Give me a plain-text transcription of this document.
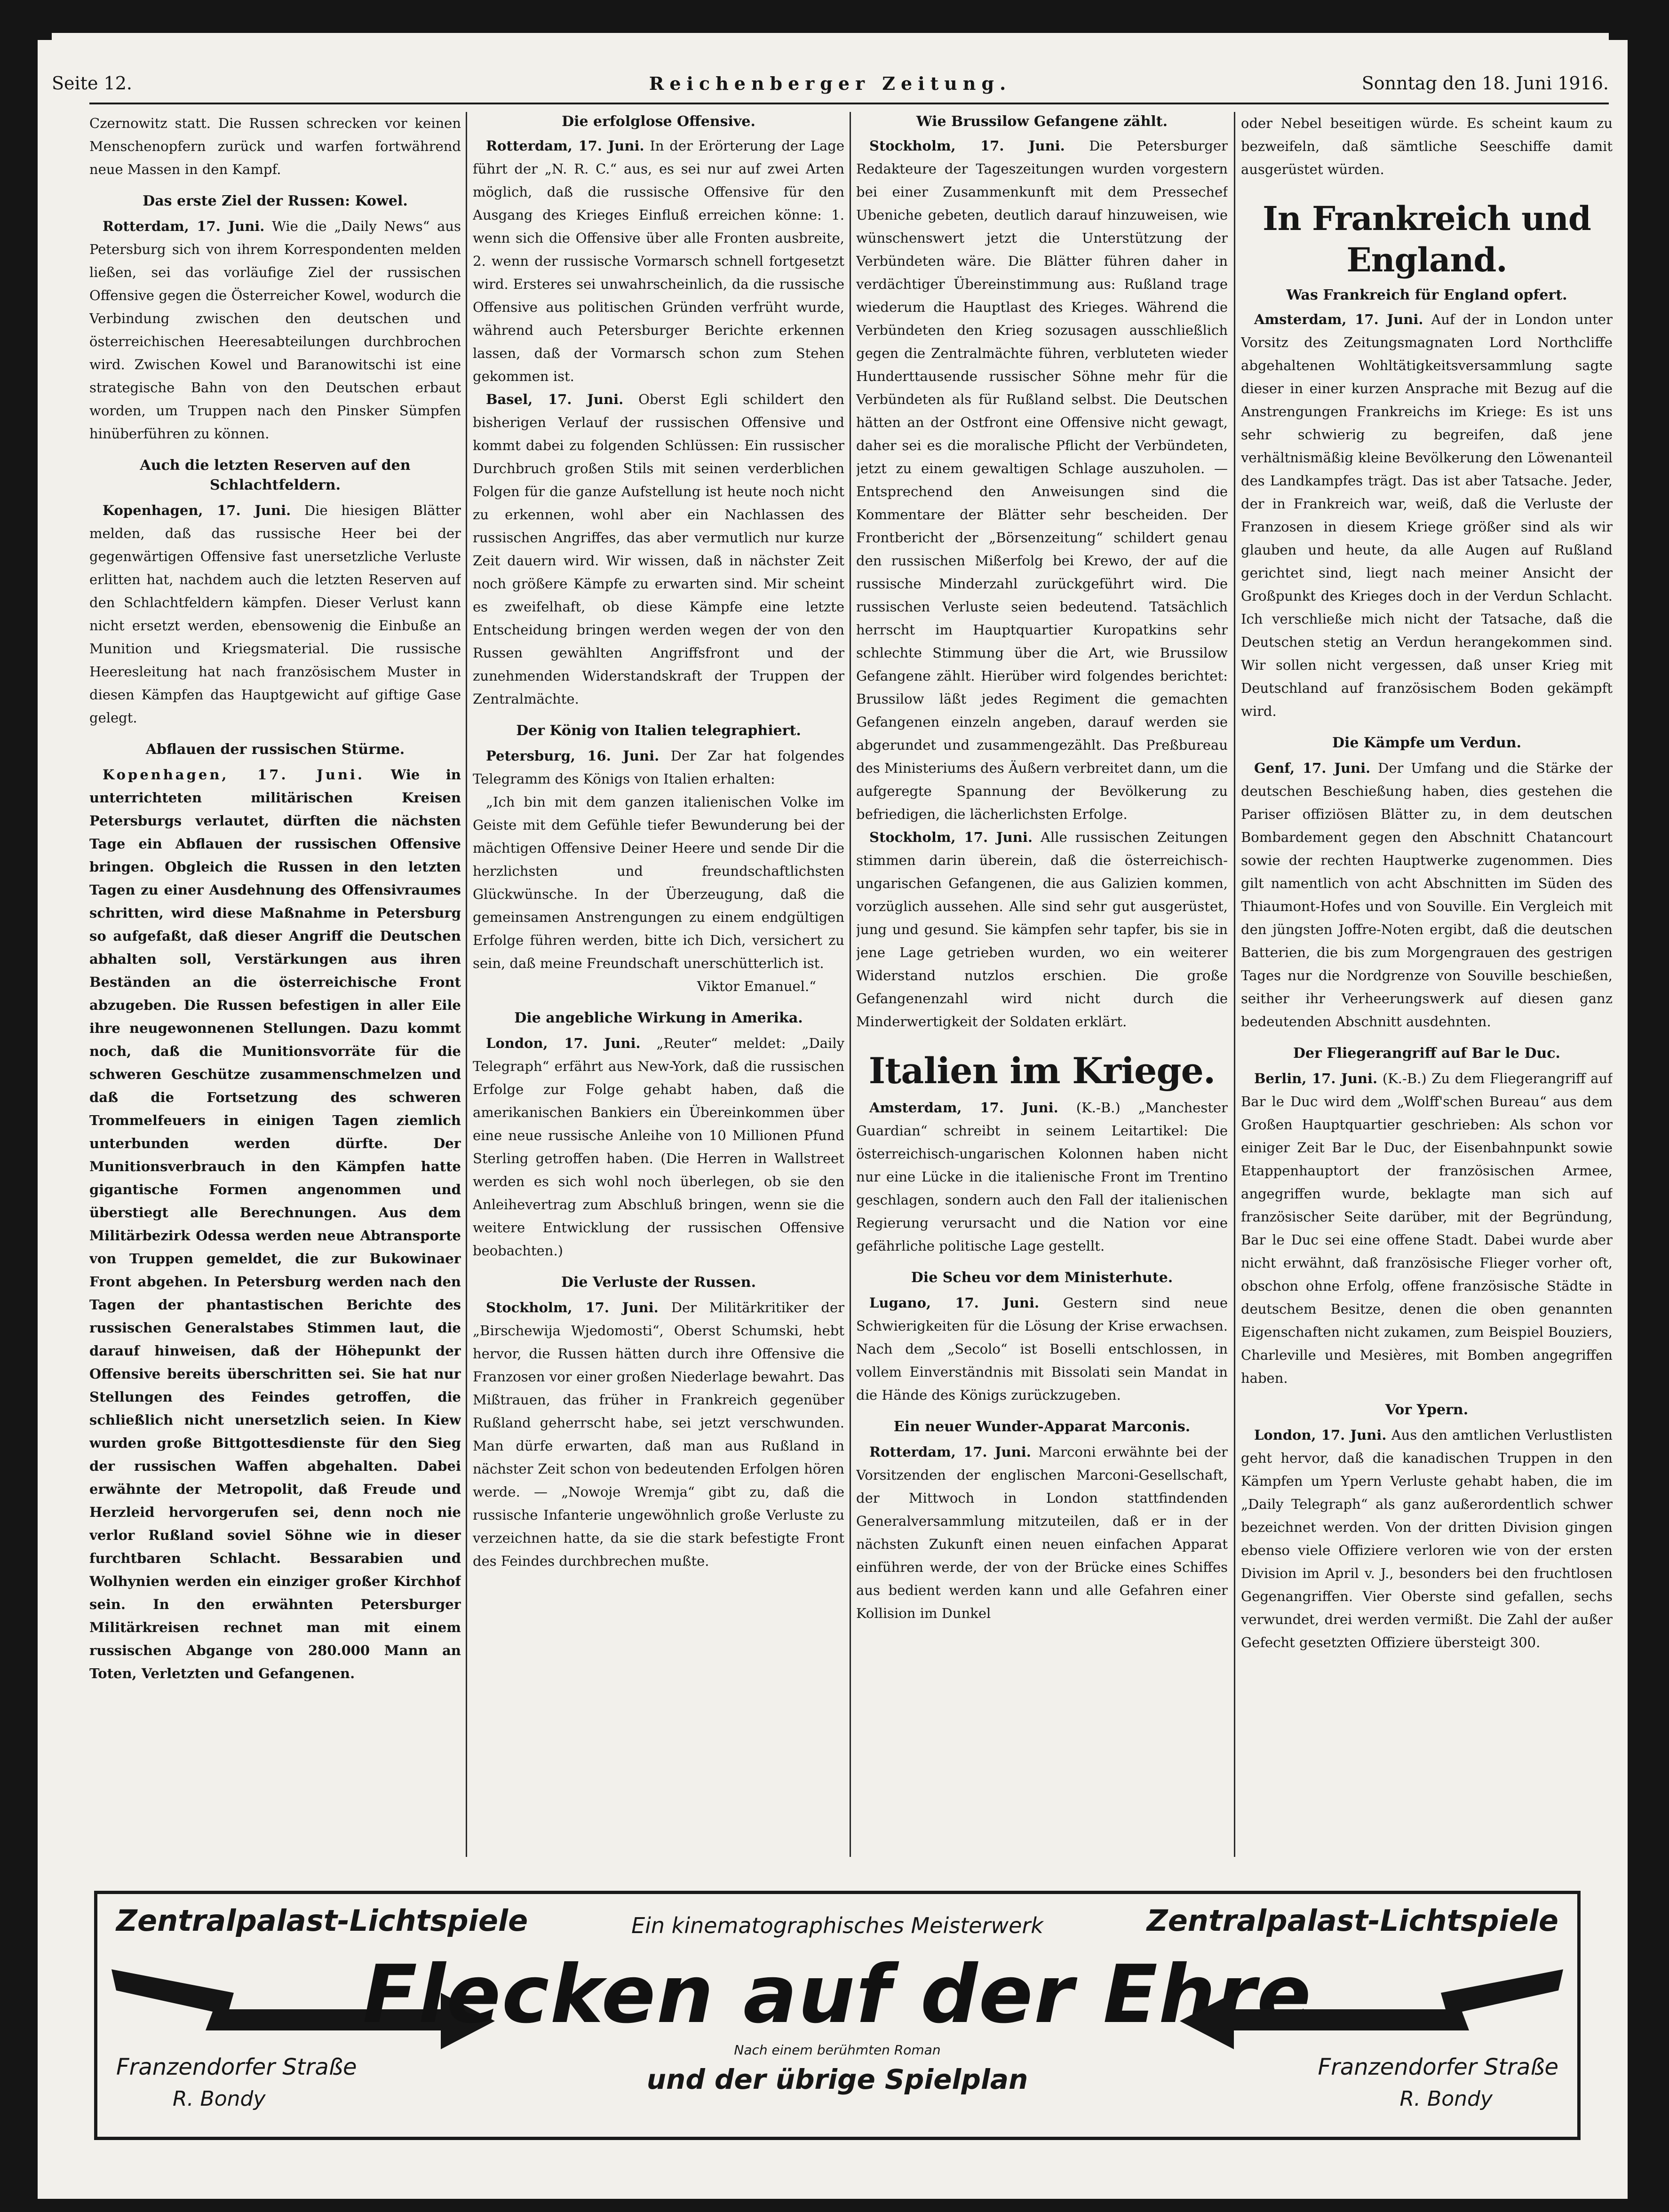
Seite 12.	Reichenberger Zeitung.	Sonntag den 18. Juni 1916.

Czernowitz statt. Die Russen schrecken vor keinen Menschenopfern zurück und warfen fortwährend neue Massen in den Kampf.

Das erste Ziel der Russen: Kowel.

Rotterdam, 17. Juni. Wie die „Daily News“ aus Petersburg sich von ihrem Korrespondenten melden ließen, sei das vorläufige Ziel der russischen Offensive gegen die Österreicher Kowel, wodurch die Verbindung zwischen den deutschen und österreichischen Heeresabteilungen durchbrochen wird. Zwischen Kowel und Baranowitschi ist eine strategische Bahn von den Deutschen erbaut worden, um Truppen nach den Pinsker Sümpfen hinüberführen zu können.

Auch die letzten Reserven auf den Schlachtfeldern.

Kopenhagen, 17. Juni. Die hiesigen Blätter melden, daß das russische Heer bei der gegenwärtigen Offensive fast unersetzliche Verluste erlitten hat, nachdem auch die letzten Reserven auf den Schlachtfeldern kämpfen. Dieser Verlust kann nicht ersetzt werden, ebensowenig die Einbuße an Munition und Kriegsmaterial. Die russische Heeresleitung hat nach französischem Muster in diesen Kämpfen das Hauptgewicht auf giftige Gase gelegt.

Abflauen der russischen Stürme.

Kopenhagen, 17. Juni. Wie in unterrichteten militärischen Kreisen Petersburgs verlautet, dürften die nächsten Tage ein Abflauen der russischen Offensive bringen. Obgleich die Russen in den letzten Tagen zu einer Ausdehnung des Offensivraumes schritten, wird diese Maßnahme in Petersburg so aufgefaßt, daß dieser Angriff die Deutschen abhalten soll, Verstärkungen aus ihren Beständen an die österreichische Front abzugeben. Die Russen befestigen in aller Eile ihre neugewonnenen Stellungen. Dazu kommt noch, daß die Munitionsvorräte für die schweren Geschütze zusammenschmelzen und daß die Fortsetzung des schweren Trommelfeuers in einigen Tagen ziemlich unterbunden werden dürfte. Der Munitionsverbrauch in den Kämpfen hatte gigantische Formen angenommen und überstiegt alle Berechnungen. Aus dem Militärbezirk Odessa werden neue Abtransporte von Truppen gemeldet, die zur Bukowinaer Front abgehen. In Petersburg werden nach den Tagen der phantastischen Berichte des russischen Generalstabes Stimmen laut, die darauf hinweisen, daß der Höhepunkt der Offensive bereits überschritten sei. Sie hat nur Stellungen des Feindes getroffen, die schließlich nicht unersetzlich seien. In Kiew wurden große Bittgottesdienste für den Sieg der russischen Waffen abgehalten. Dabei erwähnte der Metropolit, daß Freude und Herzleid hervorgerufen sei, denn noch nie verlor Rußland soviel Söhne wie in dieser furchtbaren Schlacht. Bessarabien und Wolhynien werden ein einziger großer Kirchhof sein. In den erwähnten Petersburger Militärkreisen rechnet man mit einem russischen Abgange von 280.000 Mann an Toten, Verletzten und Gefangenen.

Die erfolglose Offensive.

Rotterdam, 17. Juni. In der Erörterung der Lage führt der „N. R. C.“ aus, es sei nur auf zwei Arten möglich, daß die russische Offensive für den Ausgang des Krieges Einfluß erreichen könne: 1. wenn sich die Offensive über alle Fronten ausbreite, 2. wenn der russische Vormarsch schnell fortgesetzt wird. Ersteres sei unwahrscheinlich, da die russische Offensive aus politischen Gründen verfrüht wurde, während auch Petersburger Berichte erkennen lassen, daß der Vormarsch schon zum Stehen gekommen ist.

Basel, 17. Juni. Oberst Egli schildert den bisherigen Verlauf der russischen Offensive und kommt dabei zu folgenden Schlüssen: Ein russischer Durchbruch großen Stils mit seinen verderblichen Folgen für die ganze Aufstellung ist heute noch nicht zu erkennen, wohl aber ein Nachlassen des russischen Angriffes, das aber vermutlich nur kurze Zeit dauern wird. Wir wissen, daß in nächster Zeit noch größere Kämpfe zu erwarten sind. Mir scheint es zweifelhaft, ob diese Kämpfe eine letzte Entscheidung bringen werden wegen der von den Russen gewählten Angriffsfront und der zunehmenden Widerstandskraft der Truppen der Zentralmächte.

Der König von Italien telegraphiert.

Petersburg, 16. Juni. Der Zar hat folgendes Telegramm des Königs von Italien erhalten:

„Ich bin mit dem ganzen italienischen Volke im Geiste mit dem Gefühle tiefer Bewunderung bei der mächtigen Offensive Deiner Heere und sende Dir die herzlichsten und freundschaftlichsten Glückwünsche. In der Überzeugung, daß die gemeinsamen Anstrengungen zu einem endgültigen Erfolge führen werden, bitte ich Dich, versichert zu sein, daß meine Freundschaft unerschütterlich ist.

Viktor Emanuel.“

Die angebliche Wirkung in Amerika.

London, 17. Juni. „Reuter“ meldet: „Daily Telegraph“ erfährt aus New-York, daß die russischen Erfolge zur Folge gehabt haben, daß die amerikanischen Bankiers ein Übereinkommen über eine neue russische Anleihe von 10 Millionen Pfund Sterling getroffen haben. (Die Herren in Wallstreet werden es sich wohl noch überlegen, ob sie den Anleihevertrag zum Abschluß bringen, wenn sie die weitere Entwicklung der russischen Offensive beobachten.)

Die Verluste der Russen.

Stockholm, 17. Juni. Der Militärkritiker der „Birschewija Wjedomosti“, Oberst Schumski, hebt hervor, die Russen hätten durch ihre Offensive die Franzosen vor einer großen Niederlage bewahrt. Das Mißtrauen, das früher in Frankreich gegenüber Rußland geherrscht habe, sei jetzt verschwunden. Man dürfe erwarten, daß man aus Rußland in nächster Zeit schon von bedeutenden Erfolgen hören werde. — „Nowoje Wremja“ gibt zu, daß die russische Infanterie ungewöhnlich große Verluste zu verzeichnen hatte, da sie die stark befestigte Front des Feindes durchbrechen mußte.

Wie Brussilow Gefangene zählt.

Stockholm, 17. Juni. Die Petersburger Redakteure der Tageszeitungen wurden vorgestern bei einer Zusammenkunft mit dem Pressechef Ubeniche gebeten, deutlich darauf hinzuweisen, wie wünschenswert jetzt die Unterstützung der Verbündeten wäre. Die Blätter führen daher in verdächtiger Übereinstimmung aus: Rußland trage wiederum die Hauptlast des Krieges. Während die Verbündeten den Krieg sozusagen ausschließlich gegen die Zentralmächte führen, verbluteten wieder Hunderttausende russischer Söhne mehr für die Verbündeten als für Rußland selbst. Die Deutschen hätten an der Ostfront eine Offensive nicht gewagt, daher sei es die moralische Pflicht der Verbündeten, jetzt zu einem gewaltigen Schlage auszuholen. — Entsprechend den Anweisungen sind die Kommentare der Blätter sehr bescheiden. Der Frontbericht der „Börsenzeitung“ schildert genau den russischen Mißerfolg bei Krewo, der auf die russische Minderzahl zurückgeführt wird. Die russischen Verluste seien bedeutend. Tatsächlich herrscht im Hauptquartier Kuropatkins sehr schlechte Stimmung über die Art, wie Brussilow Gefangene zählt. Hierüber wird folgendes berichtet: Brussilow läßt jedes Regiment die gemachten Gefangenen einzeln angeben, darauf werden sie abgerundet und zusammengezählt. Das Preßbureau des Ministeriums des Äußern verbreitet dann, um die aufgeregte Spannung der Bevölkerung zu befriedigen, die lächerlichsten Erfolge.

Stockholm, 17. Juni. Alle russischen Zeitungen stimmen darin überein, daß die österreichisch-ungarischen Gefangenen, die aus Galizien kommen, vorzüglich aussehen. Alle sind sehr gut ausgerüstet, jung und gesund. Sie kämpfen sehr tapfer, bis sie in jene Lage getrieben wurden, wo ein weiterer Widerstand nutzlos erschien. Die große Gefangenenzahl wird nicht durch die Minderwertigkeit der Soldaten erklärt.

Italien im Kriege.

Amsterdam, 17. Juni. (K.-B.) „Manchester Guardian“ schreibt in seinem Leitartikel: Die österreichisch-ungarischen Kolonnen haben nicht nur eine Lücke in die italienische Front im Trentino geschlagen, sondern auch den Fall der italienischen Regierung verursacht und die Nation vor eine gefährliche politische Lage gestellt.

Die Scheu vor dem Ministerhute.

Lugano, 17. Juni. Gestern sind neue Schwierigkeiten für die Lösung der Krise erwachsen. Nach dem „Secolo“ ist Boselli entschlossen, in vollem Einverständnis mit Bissolati sein Mandat in die Hände des Königs zurückzugeben.

Ein neuer Wunder-Apparat Marconis.

Rotterdam, 17. Juni. Marconi erwähnte bei der Vorsitzenden der englischen Marconi-Gesellschaft, der Mittwoch in London stattfindenden Generalversammlung mitzuteilen, daß er in der nächsten Zukunft einen neuen einfachen Apparat einführen werde, der von der Brücke eines Schiffes aus bedient werden kann und alle Gefahren einer Kollision im Dunkel

oder Nebel beseitigen würde. Es scheint kaum zu bezweifeln, daß sämtliche Seeschiffe damit ausgerüstet würden.

In Frankreich und England.
Was Frankreich für England opfert.

Amsterdam, 17. Juni. Auf der in London unter Vorsitz des Zeitungsmagnaten Lord Northcliffe abgehaltenen Wohltätigkeitsversammlung sagte dieser in einer kurzen Ansprache mit Bezug auf die Anstrengungen Frankreichs im Kriege: Es ist uns sehr schwierig zu begreifen, daß jene verhältnismäßig kleine Bevölkerung den Löwenanteil des Landkampfes trägt. Das ist aber Tatsache. Jeder, der in Frankreich war, weiß, daß die Verluste der Franzosen in diesem Kriege größer sind als wir glauben und heute, da alle Augen auf Rußland gerichtet sind, liegt nach meiner Ansicht der Großpunkt des Krieges doch in der Verdun Schlacht. Ich verschließe mich nicht der Tatsache, daß die Deutschen stetig an Verdun herangekommen sind. Wir sollen nicht vergessen, daß unser Krieg mit Deutschland auf französischem Boden gekämpft wird.

Die Kämpfe um Verdun.

Genf, 17. Juni. Der Umfang und die Stärke der deutschen Beschießung haben, dies gestehen die Pariser offiziösen Blätter zu, in dem deutschen Bombardement gegen den Abschnitt Chatancourt sowie der rechten Hauptwerke zugenommen. Dies gilt namentlich von acht Abschnitten im Süden des Thiaumont-Hofes und von Souville. Ein Vergleich mit den jüngsten Joffre-Noten ergibt, daß die deutschen Batterien, die bis zum Morgengrauen des gestrigen Tages nur die Nordgrenze von Souville beschießen, seither ihr Verheerungswerk auf diesen ganz bedeutenden Abschnitt ausdehnten.

Der Fliegerangriff auf Bar le Duc.

Berlin, 17. Juni. (K.-B.) Zu dem Fliegerangriff auf Bar le Duc wird dem „Wolff'schen Bureau“ aus dem Großen Hauptquartier geschrieben: Als schon vor einiger Zeit Bar le Duc, der Eisenbahnpunkt sowie Etappenhauptort der französischen Armee, angegriffen wurde, beklagte man sich auf französischer Seite darüber, mit der Begründung, Bar le Duc sei eine offene Stadt. Dabei wurde aber nicht erwähnt, daß französische Flieger vorher oft, obschon ohne Erfolg, offene französische Städte in deutschem Besitze, denen die oben genannten Eigenschaften nicht zukamen, zum Beispiel Bouziers, Charleville und Mesières, mit Bomben angegriffen haben.

Vor Ypern.

London, 17. Juni. Aus den amtlichen Verlustlisten geht hervor, daß die kanadischen Truppen in den Kämpfen um Ypern Verluste gehabt haben, die im „Daily Telegraph“ als ganz außerordentlich schwer bezeichnet werden. Von der dritten Division gingen ebenso viele Offiziere verloren wie von der ersten Division im April v. J., besonders bei den fruchtlosen Gegenangriffen. Vier Oberste sind gefallen, sechs verwundet, drei werden vermißt. Die Zahl der außer Gefecht gesetzten Offiziere übersteigt 300.

Zentralpalast-Lichtspiele	Ein kinematographisches Meisterwerk	Zentralpalast-Lichtspiele
Flecken auf der Ehre
Nach einem berühmten Roman
und der übrige Spielplan
Franzendorfer Straße
R. Bondy
Franzendorfer Straße
R. Bondy
